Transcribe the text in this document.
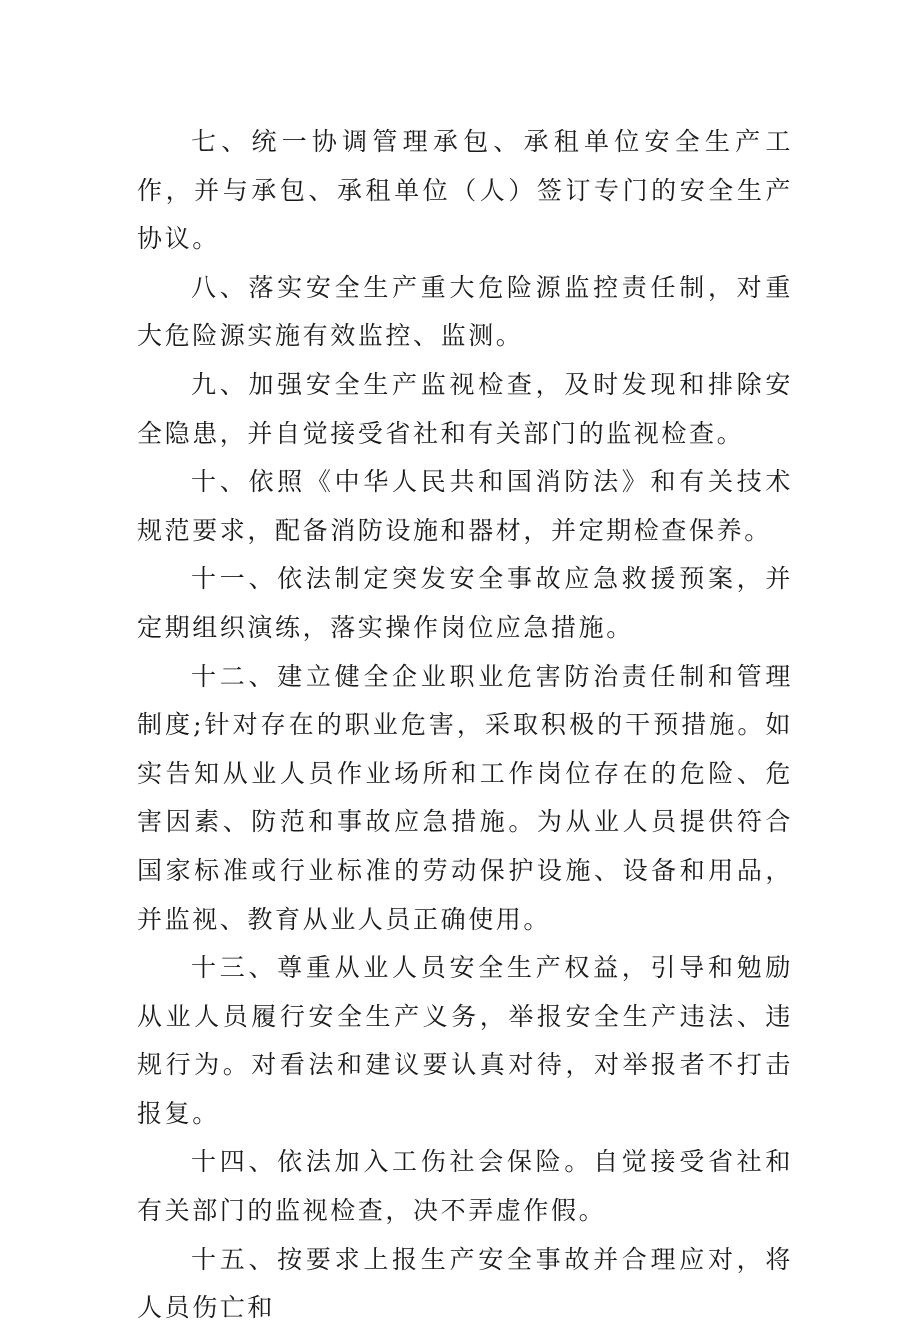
七、统一协调管理承包、承租单位安全生产工作，并与承包、承租单位（人）签订专门的安全生产协议。

八、落实安全生产重大危险源监控责任制，对重大危险源实施有效监控、监测。

九、加强安全生产监视检查，及时发现和排除安全隐患，并自觉接受省社和有关部门的监视检查。

十、依照《中华人民共和国消防法》和有关技术规范要求，配备消防设施和器材，并定期检查保养。

十一、依法制定突发安全事故应急救援预案，并定期组织演练，落实操作岗位应急措施。

十二、建立健全企业职业危害防治责任制和管理制度;针对存在的职业危害，采取积极的干预措施。如实告知从业人员作业场所和工作岗位存在的危险、危害因素、防范和事故应急措施。为从业人员提供符合国家标准或行业标准的劳动保护设施、设备和用品，并监视、教育从业人员正确使用。

十三、尊重从业人员安全生产权益，引导和勉励从业人员履行安全生产义务，举报安全生产违法、违规行为。对看法和建议要认真对待，对举报者不打击报复。

十四、依法加入工伤社会保险。自觉接受省社和有关部门的监视检查，决不弄虚作假。

十五、按要求上报生产安全事故并合理应对，将人员伤亡和
